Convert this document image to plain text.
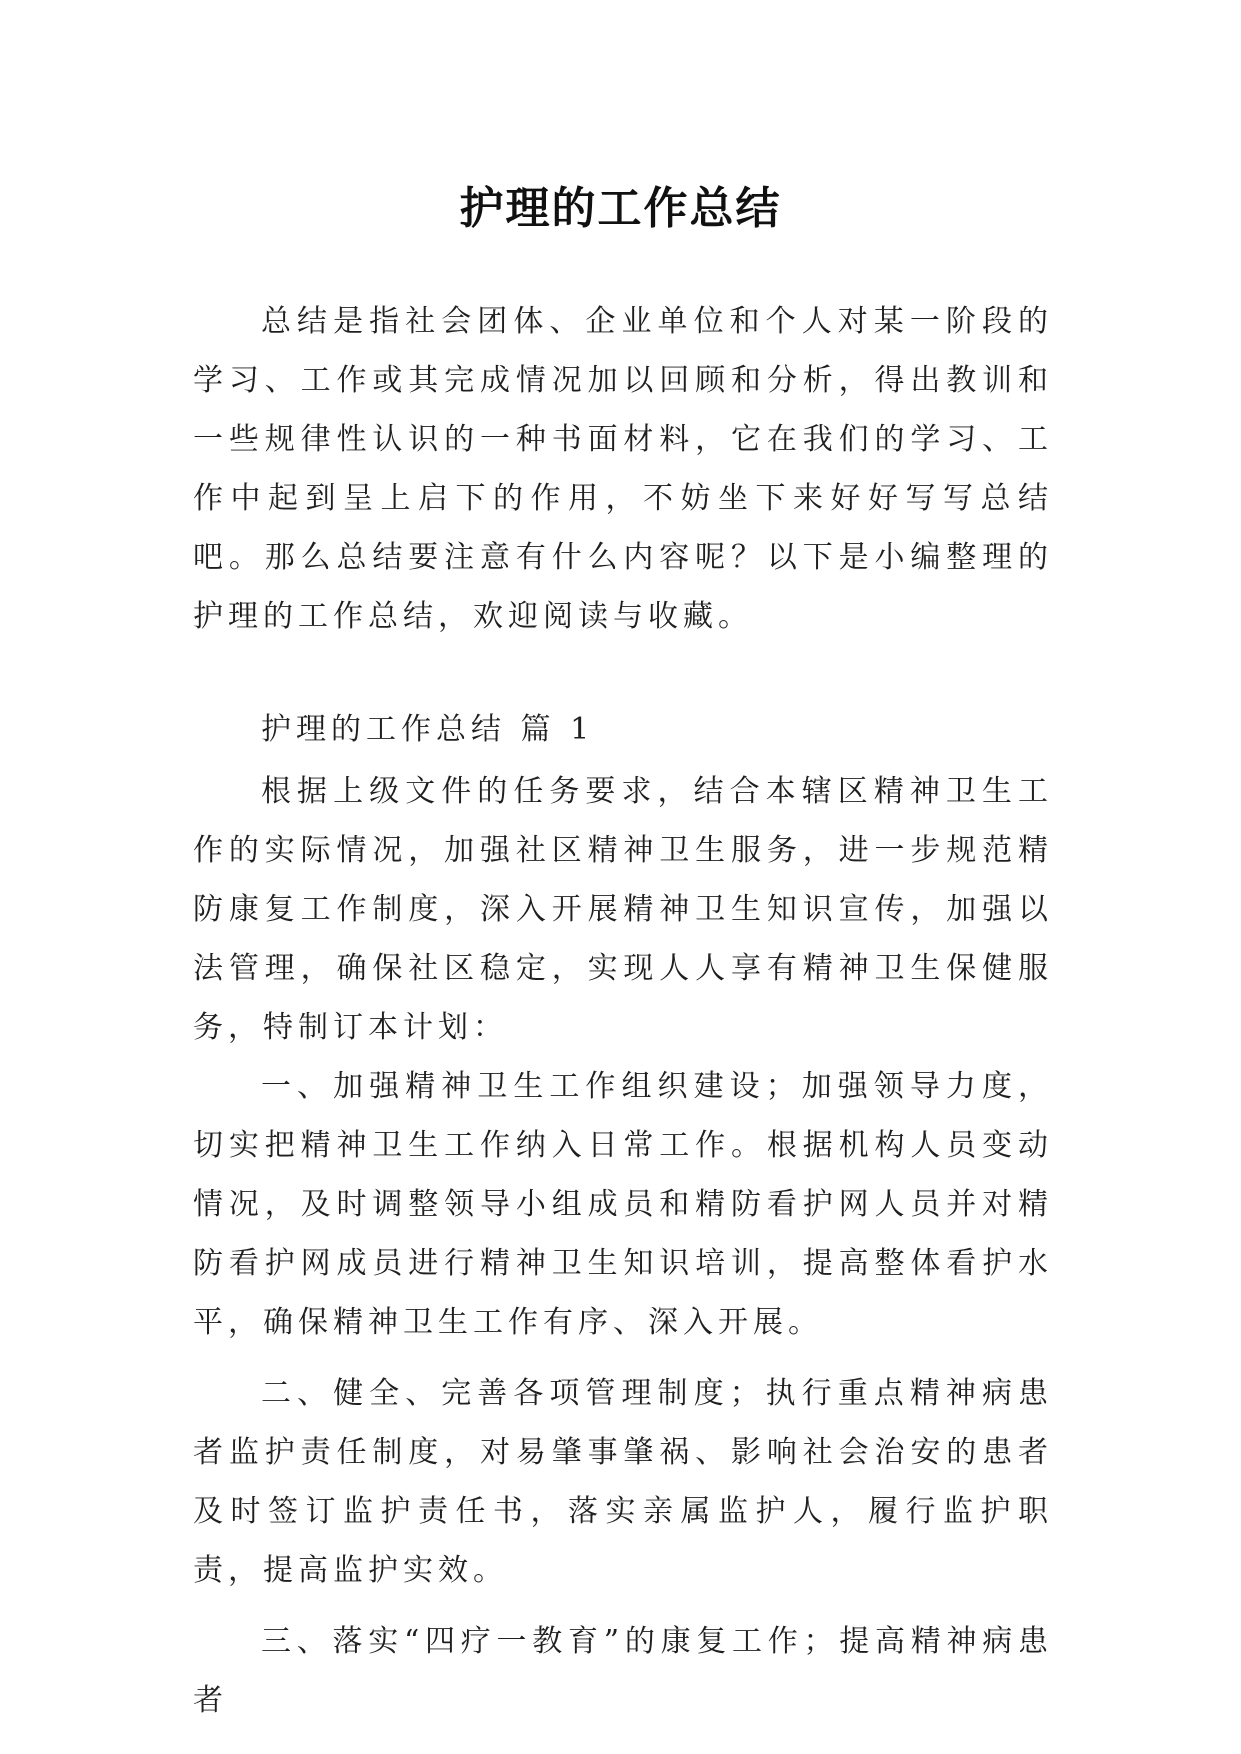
护理的工作总结

总结是指社会团体、企业单位和个人对某一阶段的学习、工作或其完成情况加以回顾和分析，得出教训和一些规律性认识的一种书面材料，它在我们的学习、工作中起到呈上启下的作用，不妨坐下来好好写写总结吧。那么总结要注意有什么内容呢？以下是小编整理的护理的工作总结，欢迎阅读与收藏。

护理的工作总结 篇 1

根据上级文件的任务要求，结合本辖区精神卫生工作的实际情况，加强社区精神卫生服务，进一步规范精防康复工作制度，深入开展精神卫生知识宣传，加强以法管理，确保社区稳定，实现人人享有精神卫生保健服务，特制订本计划：

一、加强精神卫生工作组织建设；加强领导力度，切实把精神卫生工作纳入日常工作。根据机构人员变动情况，及时调整领导小组成员和精防看护网人员并对精防看护网成员进行精神卫生知识培训，提高整体看护水平，确保精神卫生工作有序、深入开展。

二、健全、完善各项管理制度；执行重点精神病患者监护责任制度，对易肇事肇祸、影响社会治安的患者及时签订监护责任书，落实亲属监护人，履行监护职责，提高监护实效。

三、落实“四疗一教育”的康复工作；提高精神病患者
